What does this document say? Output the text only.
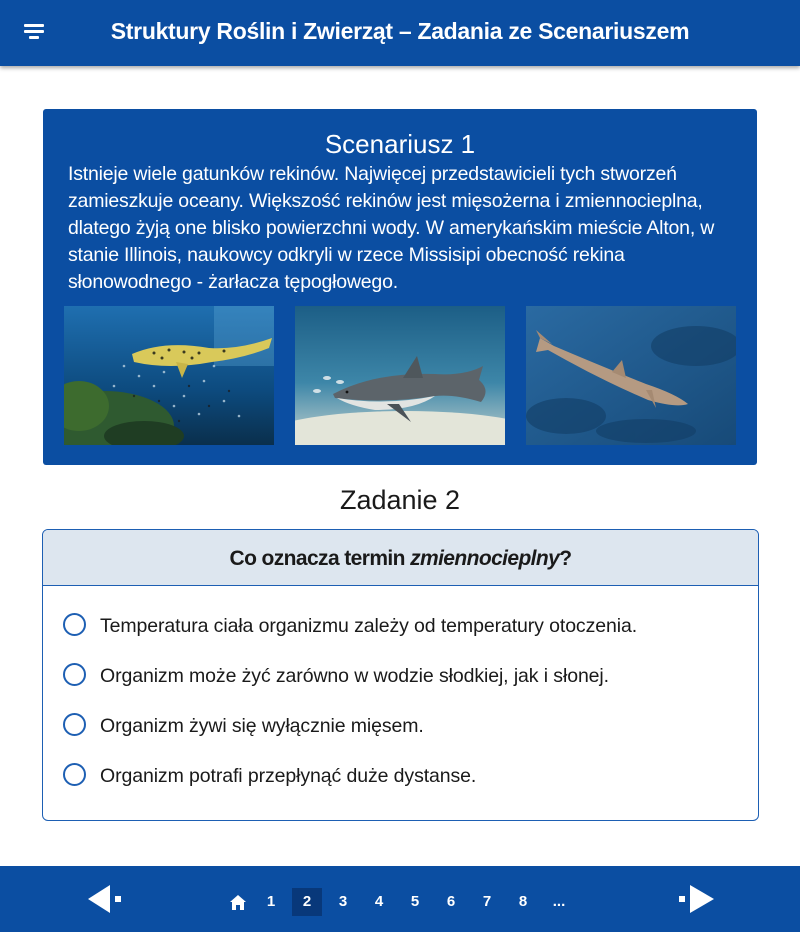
Struktury Roślin i Zwierząt – Zadania ze Scenariuszem
Scenariusz 1
Istnieje wiele gatunków rekinów. Najwięcej przedstawicieli tych stworzeń zamieszkuje oceany. Większość rekinów jest mięsożerna i zmiennocieplna, dlatego żyją one blisko powierzchni wody. W amerykańskim mieście Alton, w stanie Illinois, naukowcy odkryli w rzece Missisipi obecność rekina słonowodnego - żarłacza tępogłowego.
Zadanie 2
Co oznacza termin zmiennocieplny?
Temperatura ciała organizmu zależy od temperatury otoczenia.
Organizm może żyć zarówno w wodzie słodkiej, jak i słonej.
Organizm żywi się wyłącznie mięsem.
Organizm potrafi przepłynąć duże dystanse.
1	2	3	4	5	6	7	8	...
